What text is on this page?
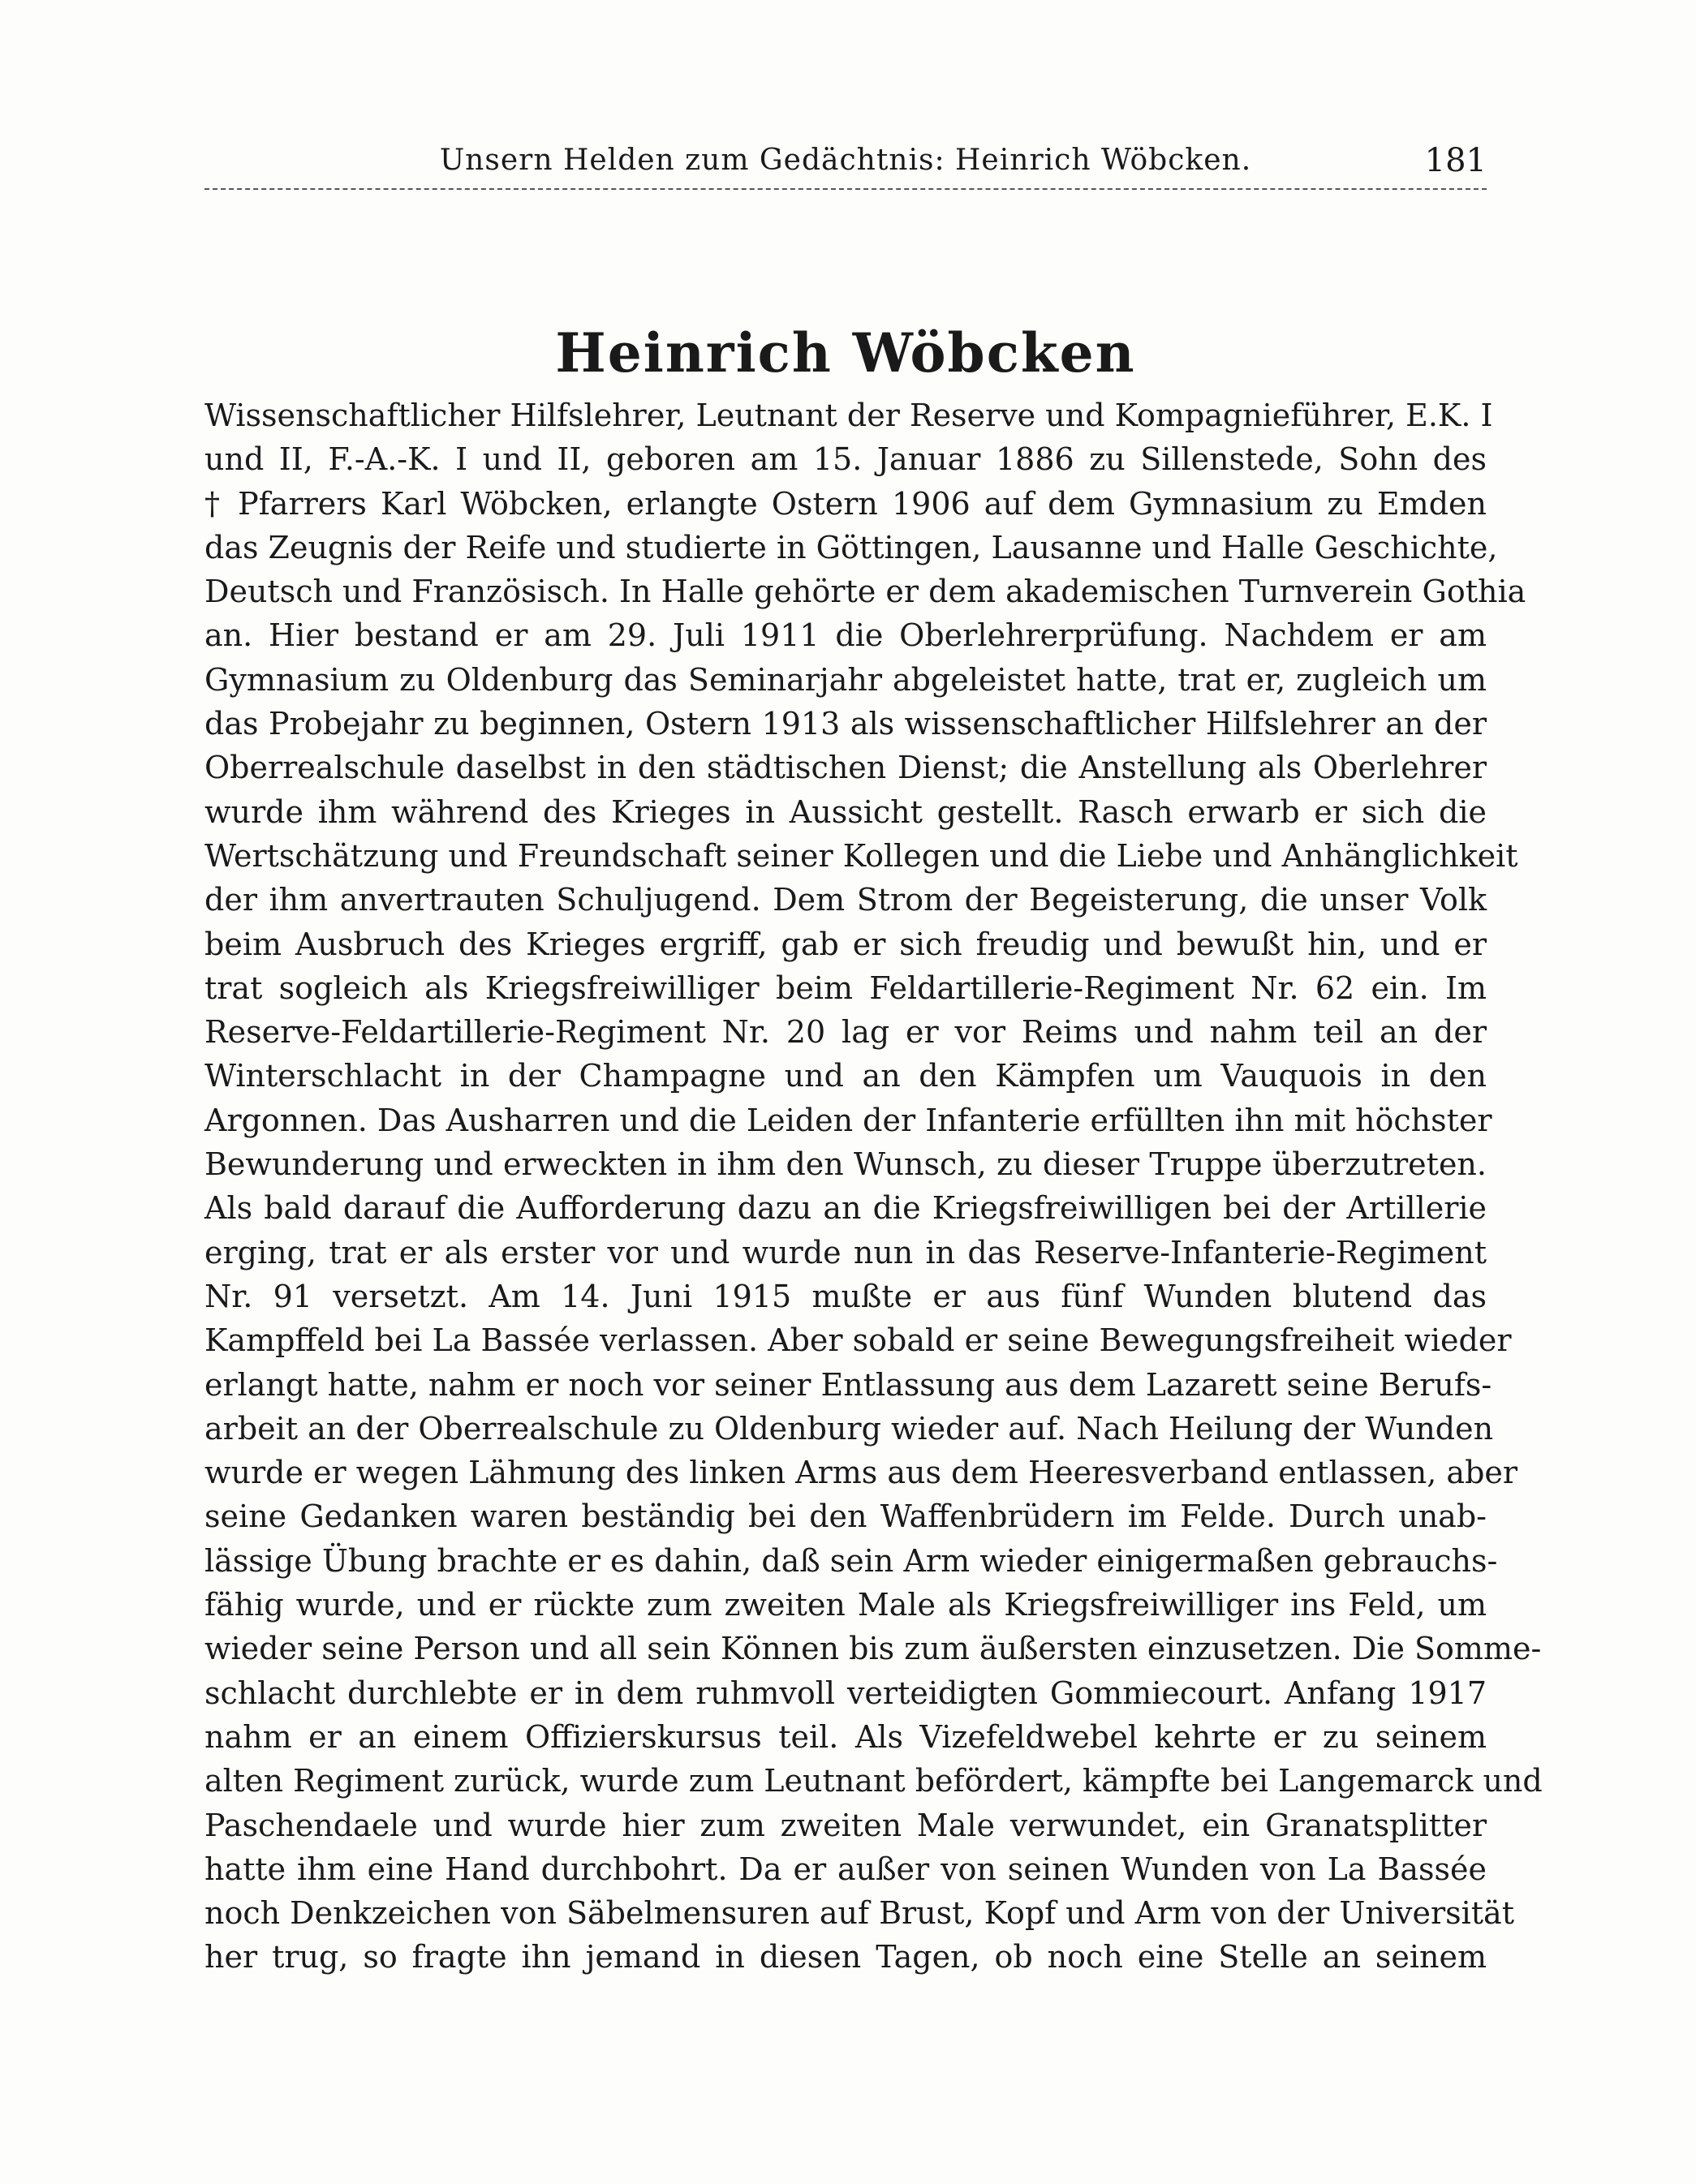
Unsern Helden zum Gedächtnis: Heinrich Wöbcken.	181
Heinrich Wöbcken
Wissenschaftlicher Hilfslehrer, Leutnant der Reserve und Kompagnieführer, E.K. I
und II, F.-A.-K. I und II, geboren am 15. Januar 1886 zu Sillenstede, Sohn des
† Pfarrers Karl Wöbcken, erlangte Ostern 1906 auf dem Gymnasium zu Emden
das Zeugnis der Reife und studierte in Göttingen, Lausanne und Halle Geschichte,
Deutsch und Französisch. In Halle gehörte er dem akademischen Turnverein Gothia
an. Hier bestand er am 29. Juli 1911 die Oberlehrerprüfung. Nachdem er am
Gymnasium zu Oldenburg das Seminarjahr abgeleistet hatte, trat er, zugleich um
das Probejahr zu beginnen, Ostern 1913 als wissenschaftlicher Hilfslehrer an der
Oberrealschule daselbst in den städtischen Dienst; die Anstellung als Oberlehrer
wurde ihm während des Krieges in Aussicht gestellt. Rasch erwarb er sich die
Wertschätzung und Freundschaft seiner Kollegen und die Liebe und Anhänglichkeit
der ihm anvertrauten Schuljugend. Dem Strom der Begeisterung, die unser Volk
beim Ausbruch des Krieges ergriff, gab er sich freudig und bewußt hin, und er
trat sogleich als Kriegsfreiwilliger beim Feldartillerie-Regiment Nr. 62 ein. Im
Reserve-Feldartillerie-Regiment Nr. 20 lag er vor Reims und nahm teil an der
Winterschlacht in der Champagne und an den Kämpfen um Vauquois in den
Argonnen. Das Ausharren und die Leiden der Infanterie erfüllten ihn mit höchster
Bewunderung und erweckten in ihm den Wunsch, zu dieser Truppe überzutreten.
Als bald darauf die Aufforderung dazu an die Kriegsfreiwilligen bei der Artillerie
erging, trat er als erster vor und wurde nun in das Reserve-Infanterie-Regiment
Nr. 91 versetzt. Am 14. Juni 1915 mußte er aus fünf Wunden blutend das
Kampffeld bei La Bassée verlassen. Aber sobald er seine Bewegungsfreiheit wieder
erlangt hatte, nahm er noch vor seiner Entlassung aus dem Lazarett seine Berufs-
arbeit an der Oberrealschule zu Oldenburg wieder auf. Nach Heilung der Wunden
wurde er wegen Lähmung des linken Arms aus dem Heeresverband entlassen, aber
seine Gedanken waren beständig bei den Waffenbrüdern im Felde. Durch unab-
lässige Übung brachte er es dahin, daß sein Arm wieder einigermaßen gebrauchs-
fähig wurde, und er rückte zum zweiten Male als Kriegsfreiwilliger ins Feld, um
wieder seine Person und all sein Können bis zum äußersten einzusetzen. Die Somme-
schlacht durchlebte er in dem ruhmvoll verteidigten Gommiecourt. Anfang 1917
nahm er an einem Offizierskursus teil. Als Vizefeldwebel kehrte er zu seinem
alten Regiment zurück, wurde zum Leutnant befördert, kämpfte bei Langemarck und
Paschendaele und wurde hier zum zweiten Male verwundet, ein Granatsplitter
hatte ihm eine Hand durchbohrt. Da er außer von seinen Wunden von La Bassée
noch Denkzeichen von Säbelmensuren auf Brust, Kopf und Arm von der Universität
her trug, so fragte ihn jemand in diesen Tagen, ob noch eine Stelle an seinem
